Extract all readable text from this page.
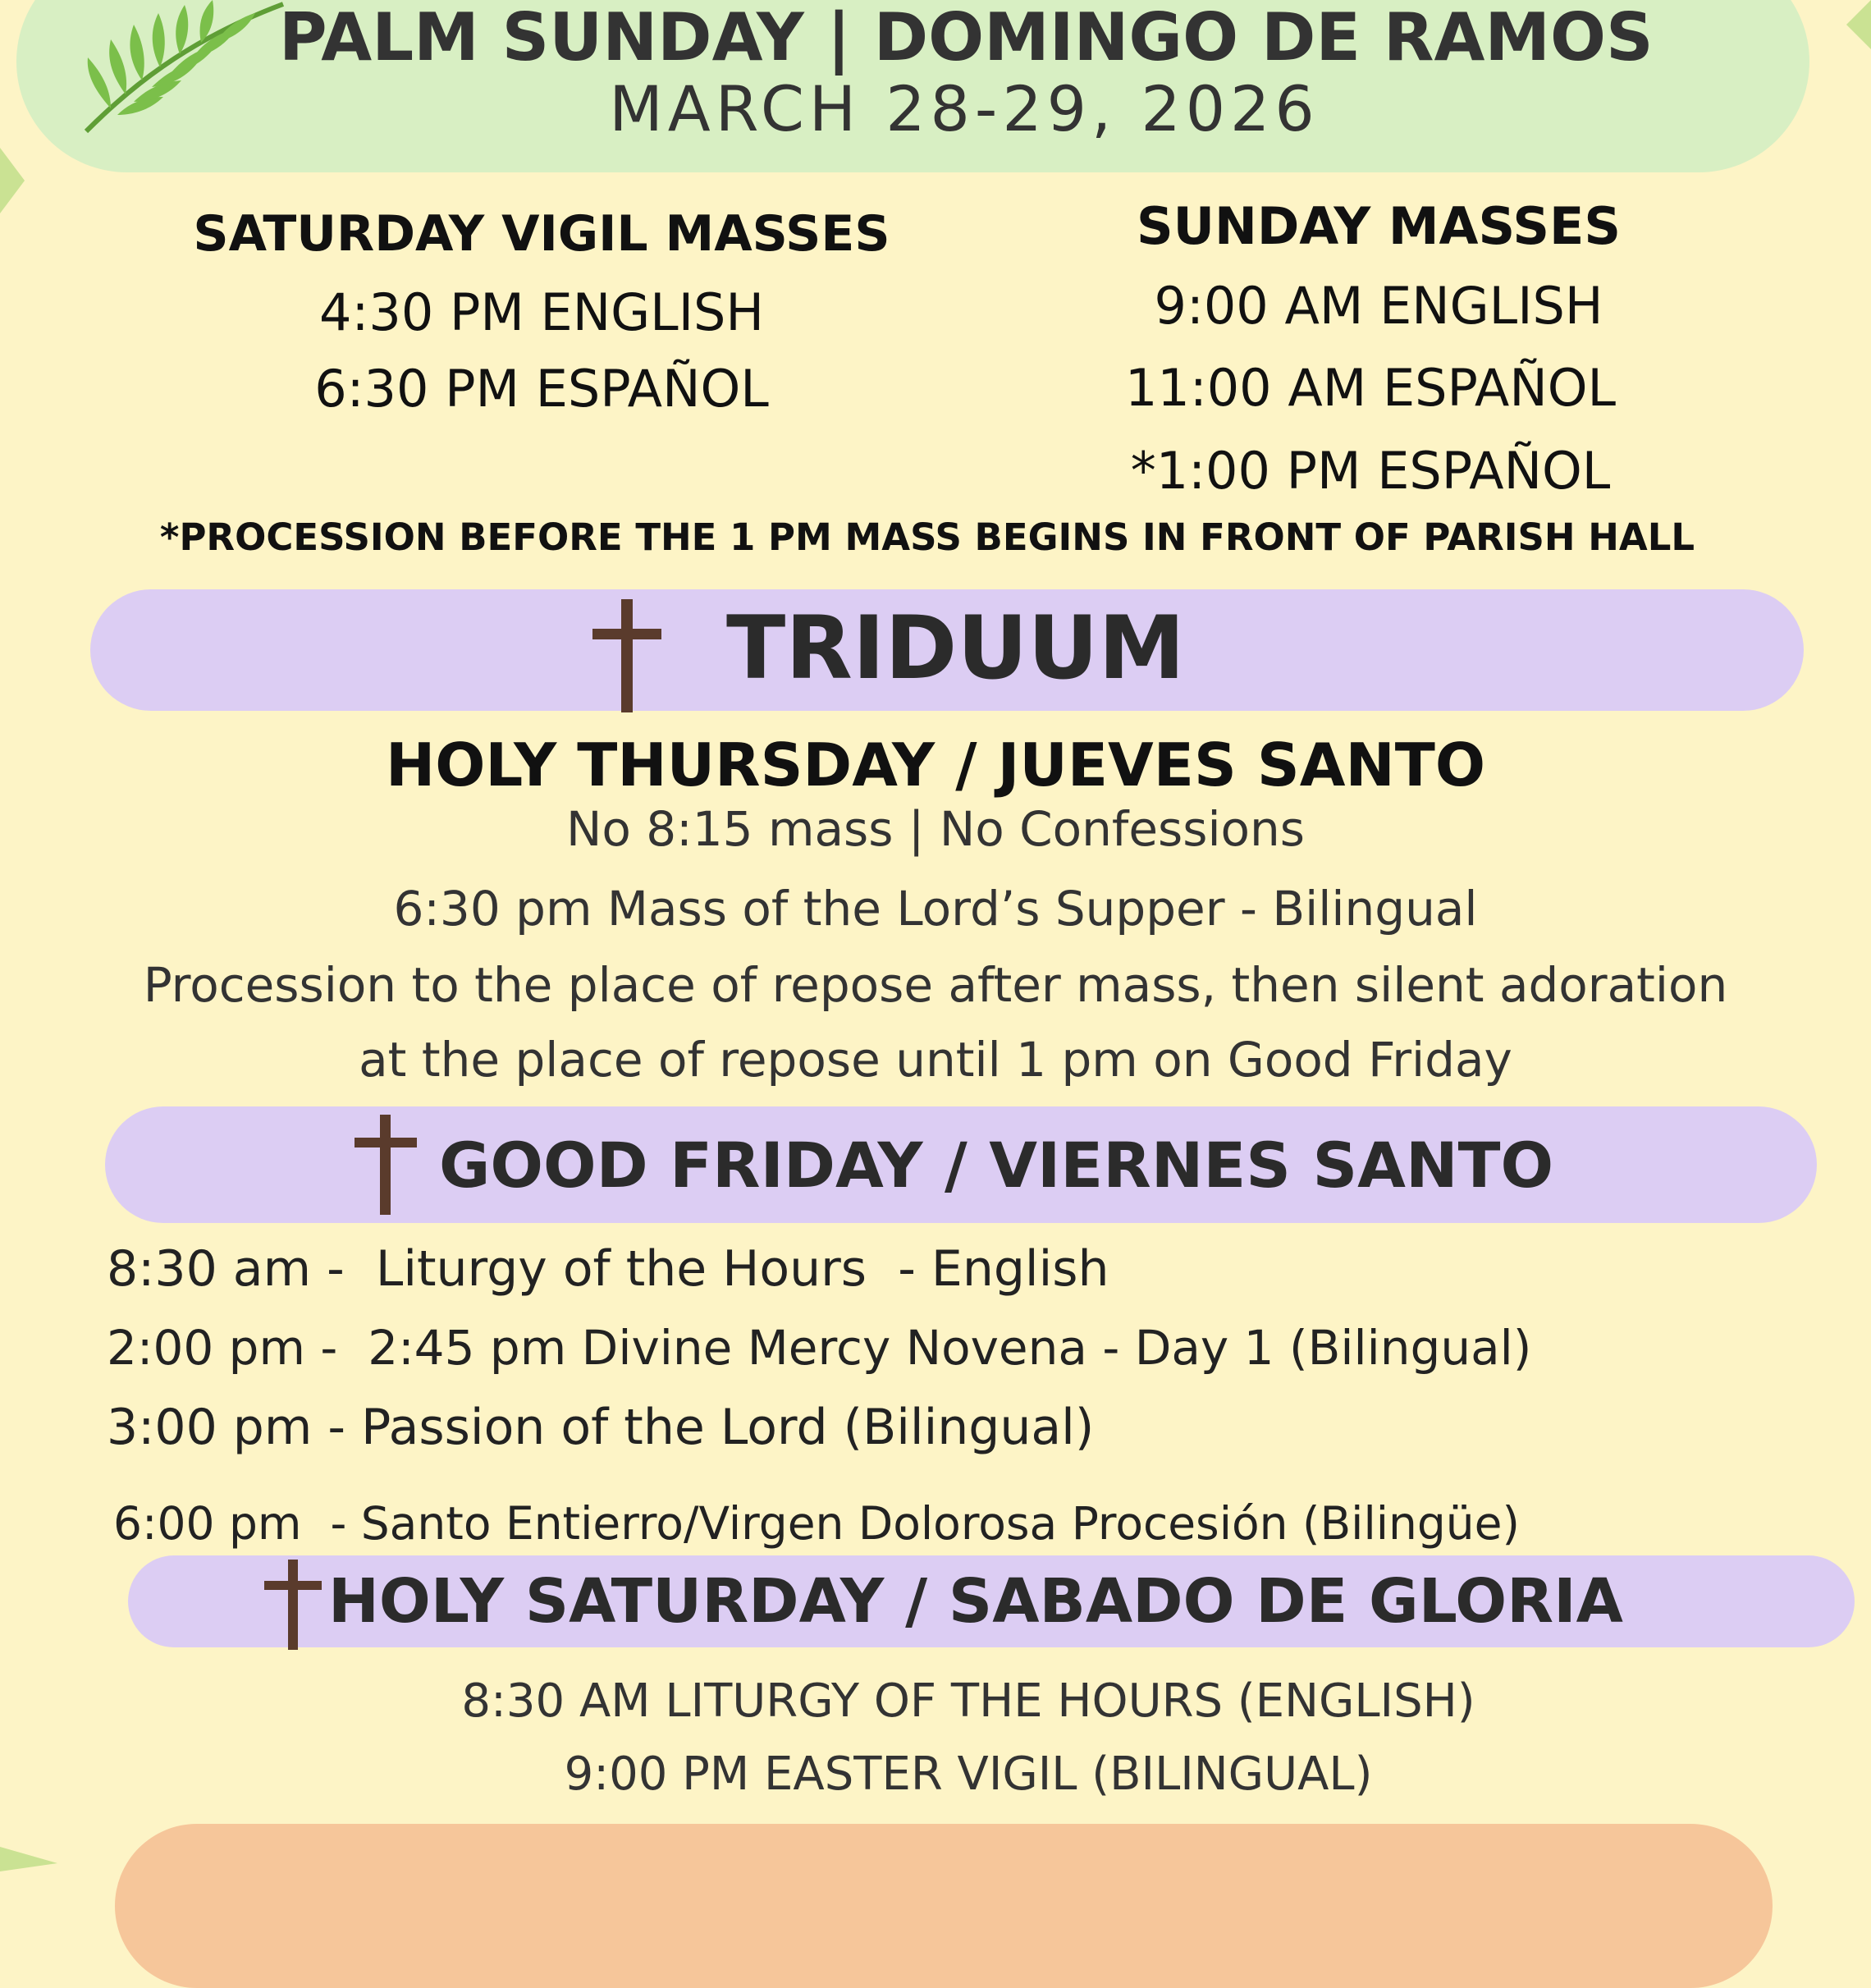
PALM SUNDAY | DOMINGO DE RAMOS
MARCH 28-29, 2026
SATURDAY VIGIL MASSES
4:30 PM ENGLISH
6:30 PM ESPAÑOL
SUNDAY MASSES
9:00 AM ENGLISH
11:00 AM ESPAÑOL
*1:00 PM ESPAÑOL
*PROCESSION BEFORE THE 1 PM MASS BEGINS IN FRONT OF PARISH HALL
TRIDUUM
HOLY THURSDAY / JUEVES SANTO
No 8:15 mass | No Confessions
6:30 pm Mass of the Lord’s Supper - Bilingual
Procession to the place of repose after mass, then silent adoration
at the place of repose until 1 pm on Good Friday
GOOD FRIDAY / VIERNES SANTO
8:30 am -  Liturgy of the Hours  - English
2:00 pm -  2:45 pm Divine Mercy Novena - Day 1 (Bilingual)
3:00 pm - Passion of the Lord (Bilingual)
6:00 pm  - Santo Entierro/Virgen Dolorosa Procesión (Bilingüe)
HOLY SATURDAY / SABADO DE GLORIA
8:30 AM LITURGY OF THE HOURS (ENGLISH)
9:00 PM EASTER VIGIL (BILINGUAL)
